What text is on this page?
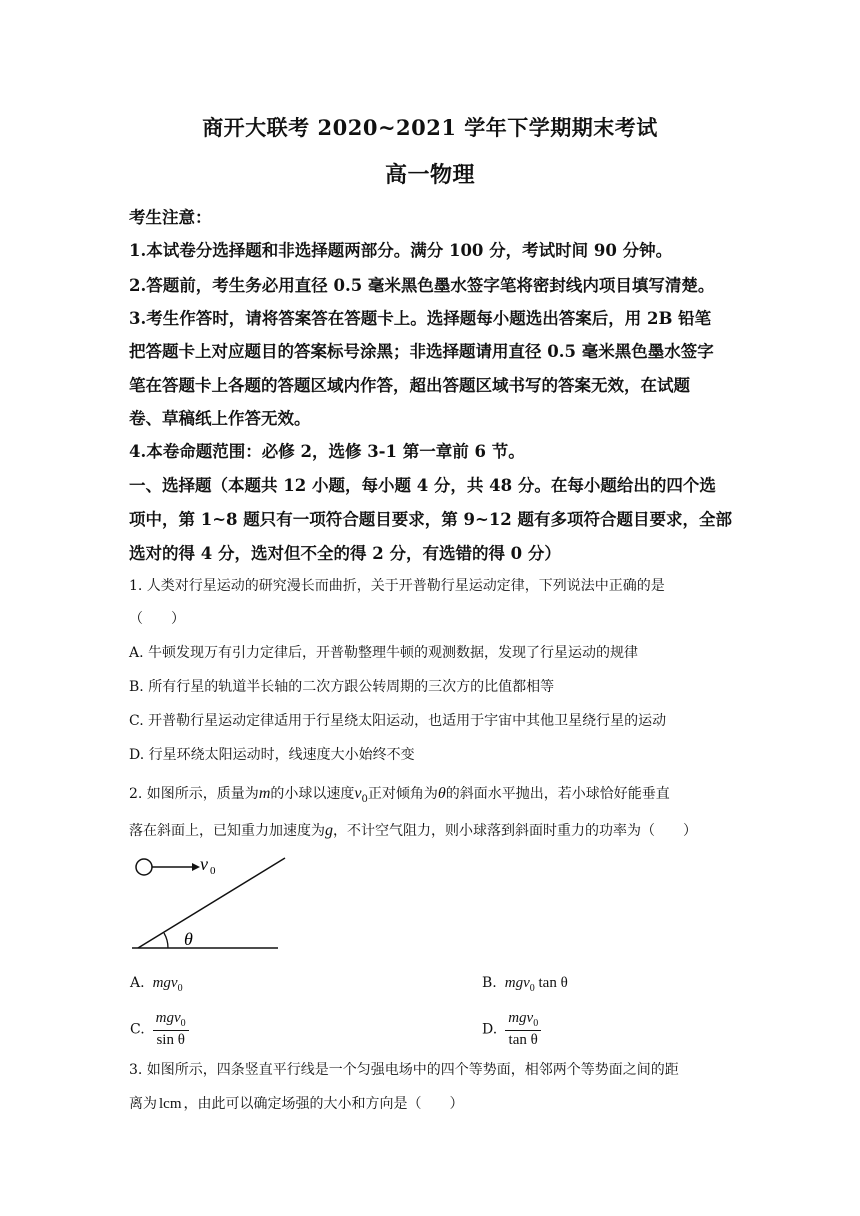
商开大联考 2020~2021 学年下学期期末考试
高一物理
考生注意：
1.本试卷分选择题和非选择题两部分。满分 100 分，考试时间 90 分钟。
2.答题前，考生务必用直径 0.5 毫米黑色墨水签字笔将密封线内项目填写清楚。
3.考生作答时，请将答案答在答题卡上。选择题每小题选出答案后，用 2B 铅笔
把答题卡上对应题目的答案标号涂黑；非选择题请用直径 0.5 毫米黑色墨水签字
笔在答题卡上各题的答题区域内作答，超出答题区域书写的答案无效，在试题
卷、草稿纸上作答无效。
4.本卷命题范围：必修 2，选修 3-1 第一章前 6 节。
一、选择题（本题共 12 小题，每小题 4 分，共 48 分。在每小题给出的四个选
项中，第 1~8 题只有一项符合题目要求，第 9~12 题有多项符合题目要求，全部
选对的得 4 分，选对但不全的得 2 分，有选错的得 0 分）
1. 人类对行星运动的研究漫长而曲折，关于开普勒行星运动定律，下列说法中正确的是
（　　）
A. 牛顿发现万有引力定律后，开普勒整理牛顿的观测数据，发现了行星运动的规律
B. 所有行星的轨道半长轴的二次方跟公转周期的三次方的比值都相等
C. 开普勒行星运动定律适用于行星绕太阳运动，也适用于宇宙中其他卫星绕行星的运动
D. 行星环绕太阳运动时，线速度大小始终不变
2. 如图所示，质量为m的小球以速度$v_0$正对倾角为θ的斜面水平抛出，若小球恰好能垂直
落在斜面上，已知重力加速度为g，不计空气阻力，则小球落到斜面时重力的功率为（　　）
v 0
θ
A. mgv$_0$	B. mgv$_0$ tan θ
C. $\frac{mgv_0}{\text{sin θ}}$	D. $\frac{mgv_0}{\text{tan θ}}$
3. 如图所示，四条竖直平行线是一个匀强电场中的四个等势面，相邻两个等势面之间的距
离为 lcm ，由此可以确定场强的大小和方向是（　　）
